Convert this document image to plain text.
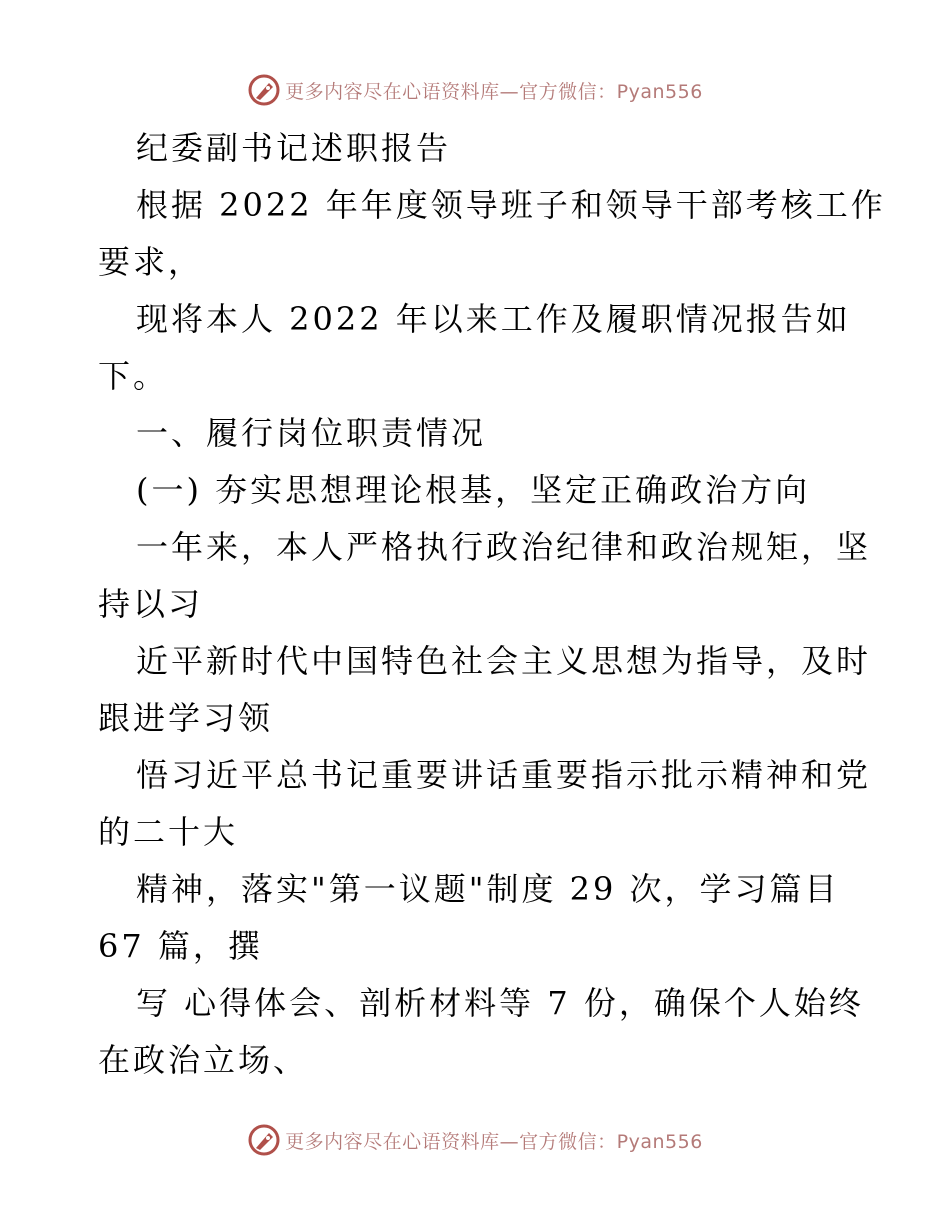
更多内容尽在心语资料库—官方微信：Pyan556
纪委副书记述职报告
根据 2022 年年度领导班子和领导干部考核工作
要求，
现将本人 2022 年以来工作及履职情况报告如
下。
一、履行岗位职责情况
(一) 夯实思想理论根基，坚定正确政治方向
一年来，本人严格执行政治纪律和政治规矩，坚
持以习
近平新时代中国特色社会主义思想为指导，及时
跟进学习领
悟习近平总书记重要讲话重要指示批示精神和党
的二十大
精神，落实"第一议题"制度 29 次，学习篇目
67 篇，撰
写 心得体会、剖析材料等 7 份，确保个人始终
在政治立场、
更多内容尽在心语资料库—官方微信：Pyan556
